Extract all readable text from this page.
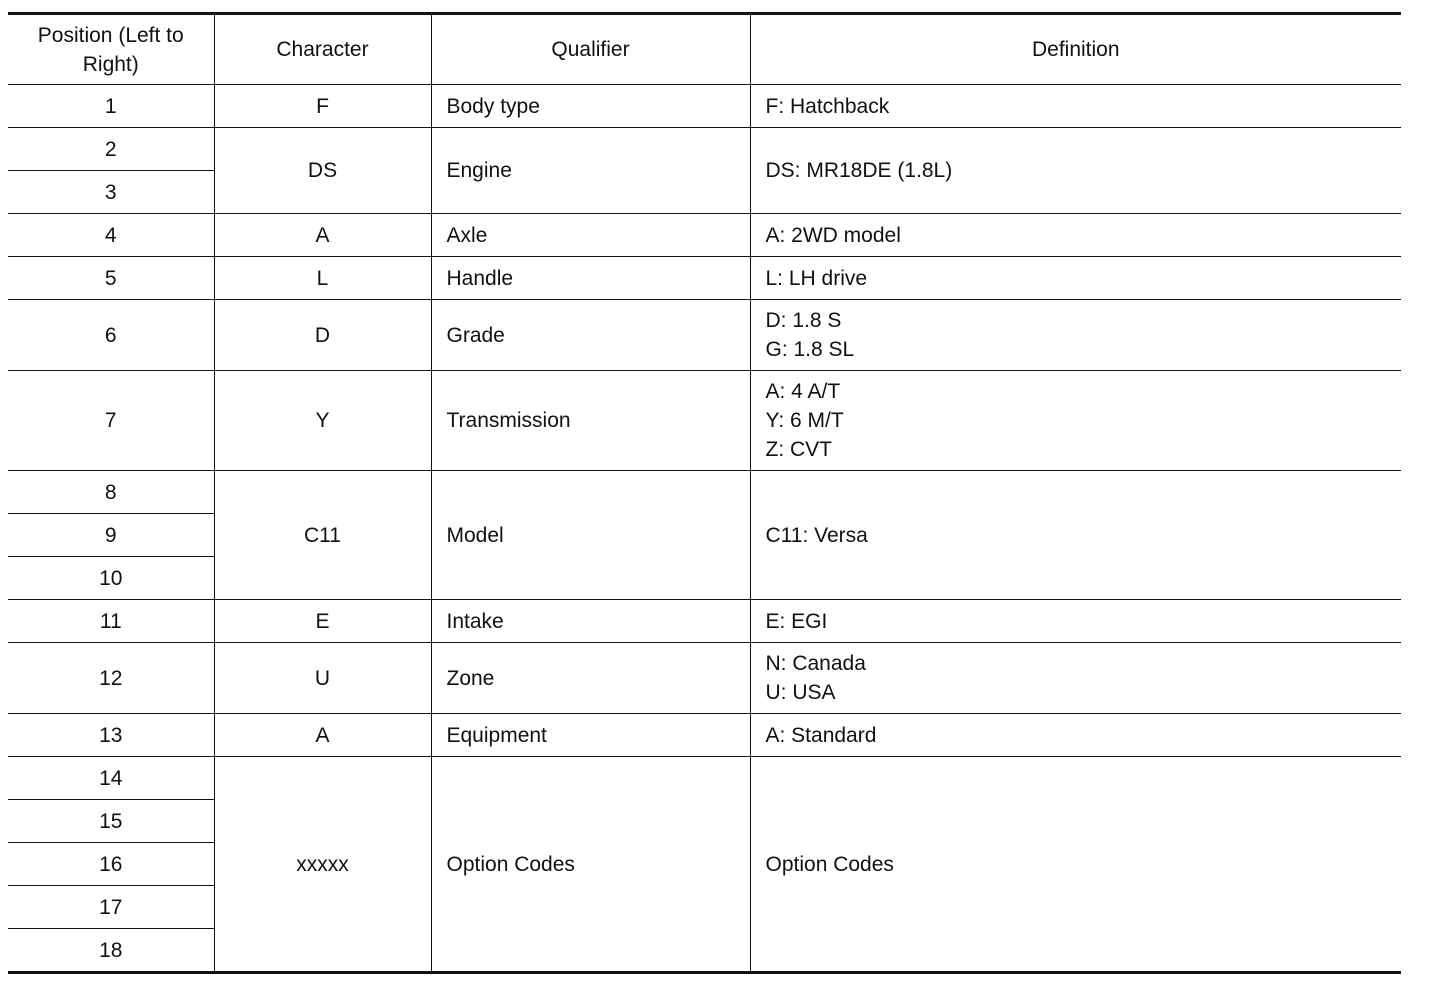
Position (Left to Right)	Character	Qualifier	Definition
1	F	Body type	F: Hatchback
2	DS	Engine	DS: MR18DE (1.8L)
3			
4	A	Axle	A: 2WD model
5	L	Handle	L: LH drive
6	D	Grade	D: 1.8 S
G: 1.8 SL

7	Y	Transmission	A: 4 A/T
Y: 6 M/T
Z: CVT

8	C11	Model	C11: Versa
9			
10			
11	E	Intake	E: EGI
12	U	Zone	N: Canada
U: USA

13	A	Equipment	A: Standard
14	xxxxx	Option Codes	Option Codes
15			
16			
17			
18			
